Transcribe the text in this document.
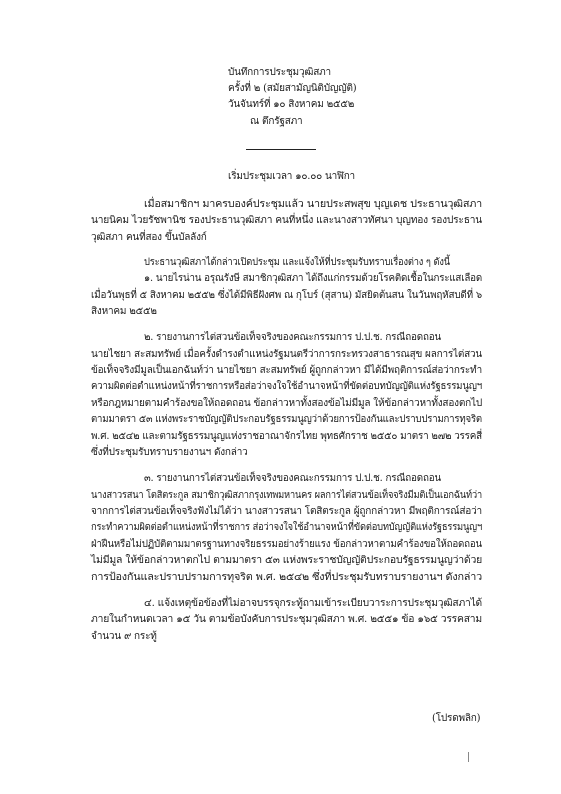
บันทึกการประชุมวุฒิสภา
ครั้งที่ ๒ (สมัยสามัญนิติบัญญัติ)
วันจันทร์ที่ ๑๐ สิงหาคม ๒๕๕๒
ณ ตึกรัฐสภา
เริ่มประชุมเวลา ๑๐.๐๐ นาฬิกา
เมื่อสมาชิกฯ มาครบองค์ประชุมแล้ว นายประสพสุข บุญเดช ประธานวุฒิสภา
นายนิคม ไวยรัชพานิช รองประธานวุฒิสภา คนที่หนึ่ง และนางสาวทัศนา บุญทอง รองประธาน
วุฒิสภา คนที่สอง ขึ้นบัลลังก์
ประธานวุฒิสภาได้กล่าวเปิดประชุม และแจ้งให้ที่ประชุมรับทราบเรื่องต่าง ๆ ดังนี้
๑. นายไรน่าน อรุณรังษี สมาชิกวุฒิสภา ได้ถึงแก่กรรมด้วยโรคติดเชื้อในกระแสเลือด
เมื่อวันพุธที่ ๕ สิงหาคม ๒๕๕๒ ซึ่งได้มีพิธีฝังศพ ณ กุโบร์ (สุสาน) มัสยิดต้นสน ในวันพฤหัสบดีที่ ๖
สิงหาคม ๒๕๕๒
๒. รายงานการไต่สวนข้อเท็จจริงของคณะกรรมการ ป.ป.ช. กรณีถอดถอน
นายไชยา สะสมทรัพย์ เมื่อครั้งดำรงตำแหน่งรัฐมนตรีว่าการกระทรวงสาธารณสุข ผลการไต่สวน
ข้อเท็จจริงมีมูลเป็นเอกฉันท์ว่า นายไชยา สะสมทรัพย์ ผู้ถูกกล่าวหา มีได้มีพฤติการณ์ส่อว่ากระทำ
ความผิดต่อตำแหน่งหน้าที่ราชการหรือส่อว่าจงใจใช้อำนาจหน้าที่ขัดต่อบทบัญญัติแห่งรัฐธรรมนูญฯ
หรือกฎหมายตามคำร้องขอให้ถอดถอน ข้อกล่าวหาทั้งสองข้อไม่มีมูล ให้ข้อกล่าวหาทั้งสองตกไป
ตามมาตรา ๕๓ แห่งพระราชบัญญัติประกอบรัฐธรรมนูญว่าด้วยการป้องกันและปราบปรามการทุจริต
พ.ศ. ๒๕๔๒ และตามรัฐธรรมนูญแห่งราชอาณาจักรไทย พุทธศักราช ๒๕๕๐ มาตรา ๒๗๒ วรรคสี่
ซึ่งที่ประชุมรับทราบรายงานฯ ดังกล่าว
๓. รายงานการไต่สวนข้อเท็จจริงของคณะกรรมการ ป.ป.ช. กรณีถอดถอน
นางสาวรสนา โตสิตระกูล สมาชิกวุฒิสภากรุงเทพมหานคร ผลการไต่สวนข้อเท็จจริงมีมติเป็นเอกฉันท์ว่า
จากการไต่สวนข้อเท็จจริงฟังไม่ได้ว่า นางสาวรสนา โตสิตระกูล ผู้ถูกกล่าวหา มีพฤติการณ์ส่อว่า
กระทำความผิดต่อตำแหน่งหน้าที่ราชการ ส่อว่าจงใจใช้อำนาจหน้าที่ขัดต่อบทบัญญัติแห่งรัฐธรรมนูญฯ
ฝ่าฝืนหรือไม่ปฏิบัติตามมาตรฐานทางจริยธรรมอย่างร้ายแรง ข้อกล่าวหาตามคำร้องขอให้ถอดถอน
ไม่มีมูล ให้ข้อกล่าวหาตกไป ตามมาตรา ๕๓ แห่งพระราชบัญญัติประกอบรัฐธรรมนูญว่าด้วย
การป้องกันและปราบปรามการทุจริต พ.ศ. ๒๕๔๒ ซึ่งที่ประชุมรับทราบรายงานฯ ดังกล่าว
๔. แจ้งเหตุข้อข้องที่ไม่อาจบรรจุกระทู้ถามเข้าระเบียบวาระการประชุมวุฒิสภาได้
ภายในกำหนดเวลา ๑๕ วัน ตามข้อบังคับการประชุมวุฒิสภา พ.ศ. ๒๕๕๑ ข้อ ๑๖๕ วรรคสาม
จำนวน ๙ กระทู้
(โปรดพลิก)
